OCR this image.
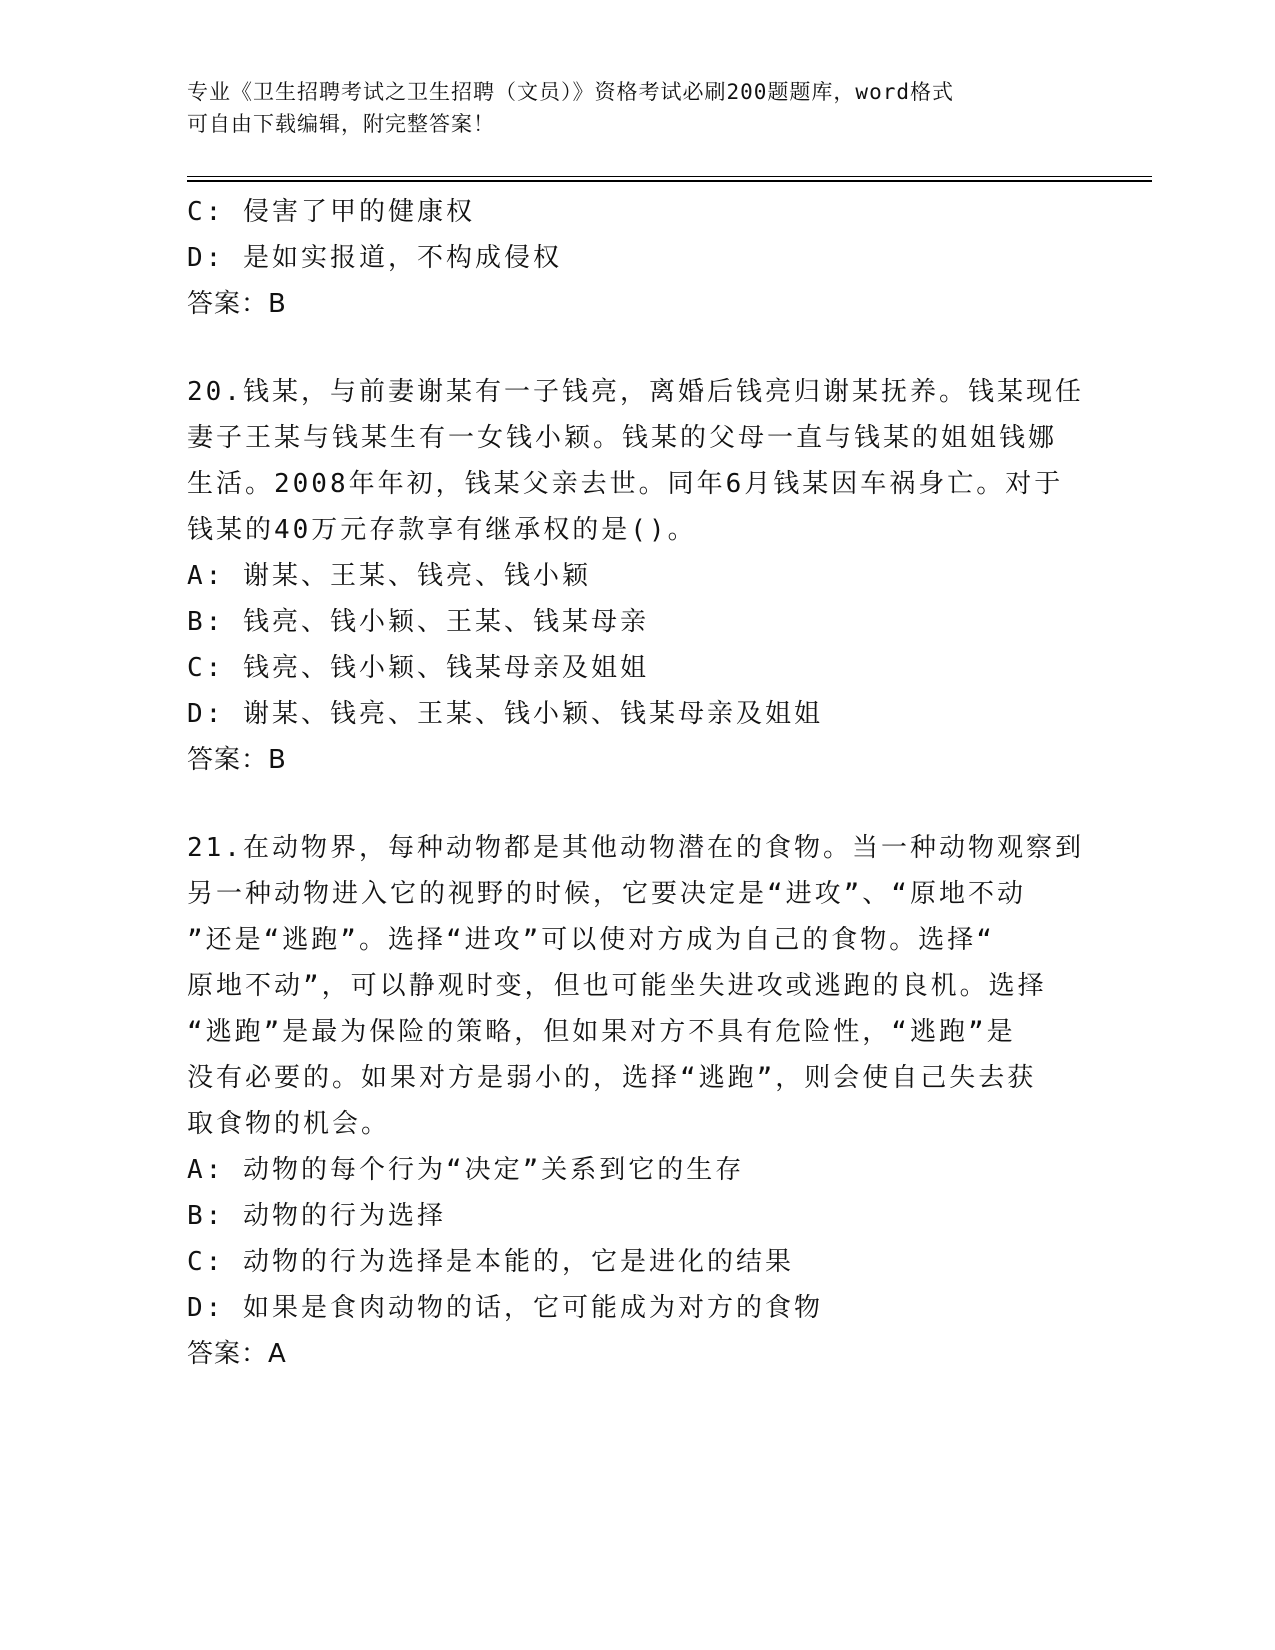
专业《卫生招聘考试之卫生招聘（文员）》资格考试必刷200题题库，word格式
可自由下载编辑，附完整答案！
C: 侵害了甲的健康权
D: 是如实报道，不构成侵权
答案：B
20.钱某，与前妻谢某有一子钱亮，离婚后钱亮归谢某抚养。钱某现任
妻子王某与钱某生有一女钱小颖。钱某的父母一直与钱某的姐姐钱娜
生活。2008年年初，钱某父亲去世。同年6月钱某因车祸身亡。对于
钱某的40万元存款享有继承权的是()。
A: 谢某、王某、钱亮、钱小颖
B: 钱亮、钱小颖、王某、钱某母亲
C: 钱亮、钱小颖、钱某母亲及姐姐
D: 谢某、钱亮、王某、钱小颖、钱某母亲及姐姐
答案：B
21.在动物界，每种动物都是其他动物潜在的食物。当一种动物观察到
另一种动物进入它的视野的时候，它要决定是“进攻”、“原地不动
”还是“逃跑”。选择“进攻”可以使对方成为自己的食物。选择“
原地不动”，可以静观时变，但也可能坐失进攻或逃跑的良机。选择
“逃跑”是最为保险的策略，但如果对方不具有危险性，“逃跑”是
没有必要的。如果对方是弱小的，选择“逃跑”，则会使自己失去获
取食物的机会。
A: 动物的每个行为“决定”关系到它的生存
B: 动物的行为选择
C: 动物的行为选择是本能的，它是进化的结果
D: 如果是食肉动物的话，它可能成为对方的食物
答案：A
